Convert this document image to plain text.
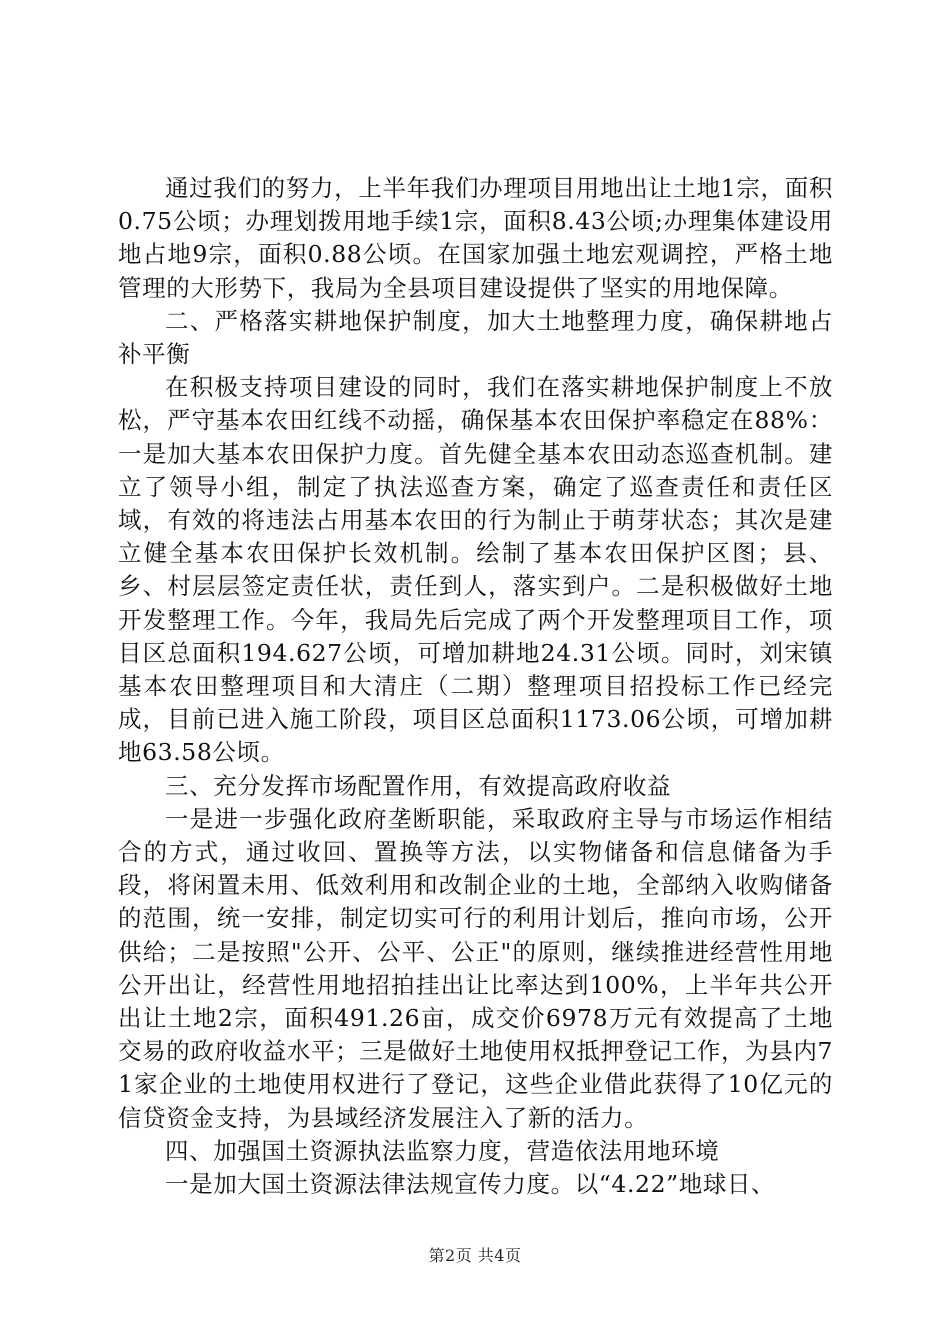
通过我们的努力，上半年我们办理项目用地出让土地1宗，面积0.75公顷；办理划拨用地手续1宗，面积8.43公顷;办理集体建设用地占地9宗，面积0.88公顷。在国家加强土地宏观调控，严格土地管理的大形势下，我局为全县项目建设提供了坚实的用地保障。

二、严格落实耕地保护制度，加大土地整理力度，确保耕地占补平衡

在积极支持项目建设的同时，我们在落实耕地保护制度上不放松，严守基本农田红线不动摇，确保基本农田保护率稳定在88%：一是加大基本农田保护力度。首先健全基本农田动态巡查机制。建立了领导小组，制定了执法巡查方案，确定了巡查责任和责任区域，有效的将违法占用基本农田的行为制止于萌芽状态；其次是建立健全基本农田保护长效机制。绘制了基本农田保护区图；县、乡、村层层签定责任状，责任到人，落实到户。二是积极做好土地开发整理工作。今年，我局先后完成了两个开发整理项目工作，项目区总面积194.627公顷，可增加耕地24.31公顷。同时，刘宋镇基本农田整理项目和大清庄（二期）整理项目招投标工作已经完成，目前已进入施工阶段，项目区总面积1173.06公顷，可增加耕地63.58公顷。

三、充分发挥市场配置作用，有效提高政府收益

一是进一步强化政府垄断职能，采取政府主导与市场运作相结合的方式，通过收回、置换等方法，以实物储备和信息储备为手段，将闲置未用、低效利用和改制企业的土地，全部纳入收购储备的范围，统一安排，制定切实可行的利用计划后，推向市场，公开供给；二是按照"公开、公平、公正"的原则，继续推进经营性用地公开出让，经营性用地招拍挂出让比率达到100%，上半年共公开出让土地2宗，面积491.26亩，成交价6978万元有效提高了土地交易的政府收益水平；三是做好土地使用权抵押登记工作，为县内71家企业的土地使用权进行了登记，这些企业借此获得了10亿元的信贷资金支持，为县域经济发展注入了新的活力。

四、加强国土资源执法监察力度，营造依法用地环境

一是加大国土资源法律法规宣传力度。以“4.22”地球日、

第2页 共4页
